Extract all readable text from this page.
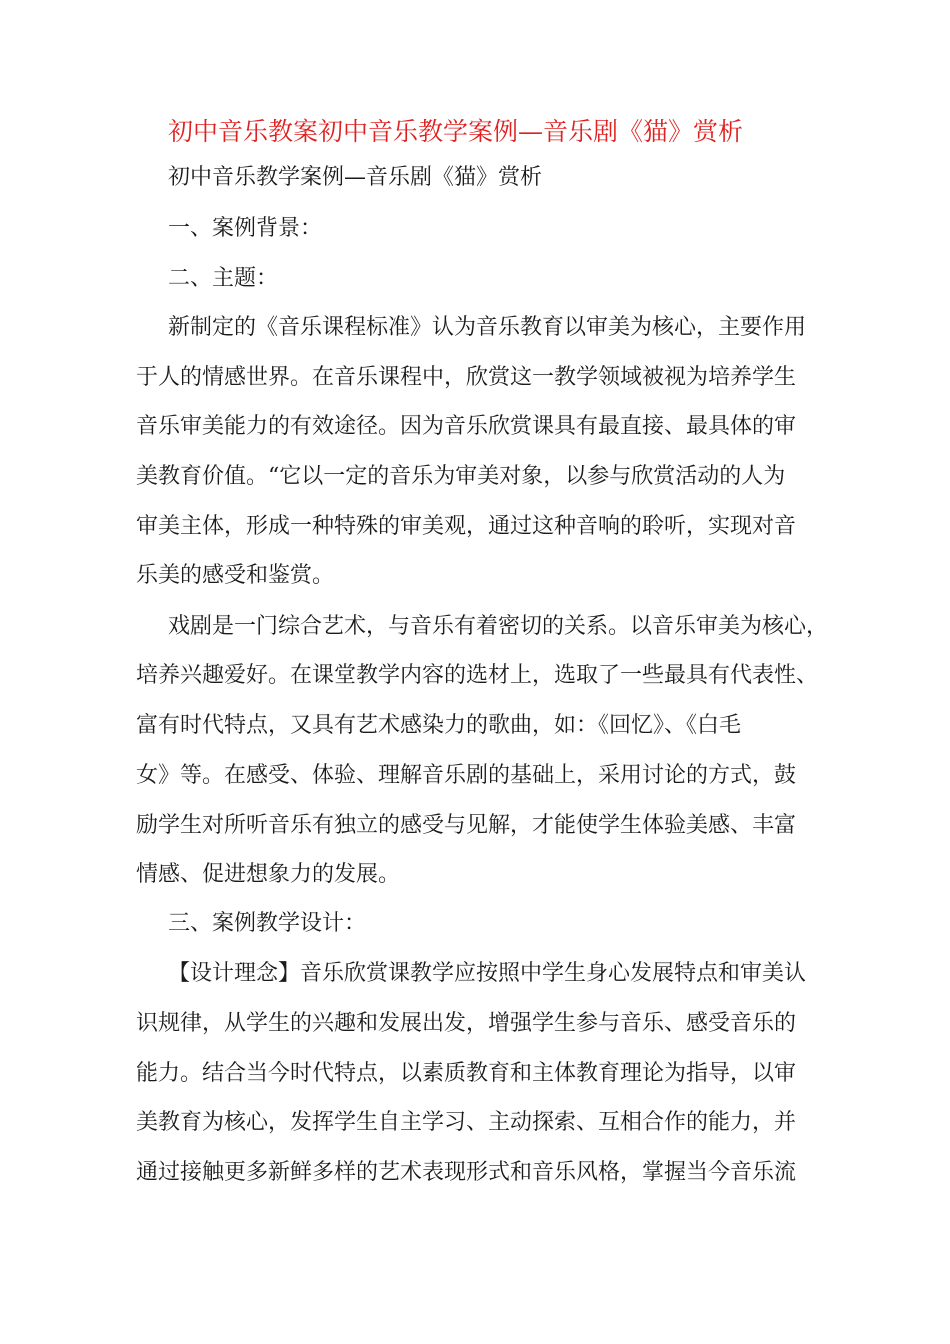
初中音乐教案初中音乐教学案例—音乐剧《猫》赏析
初中音乐教学案例—音乐剧《猫》赏析
一、案例背景：
二、主题：
新制定的《音乐课程标准》认为音乐教育以审美为核心，主要作用
于人的情感世界。在音乐课程中，欣赏这一教学领域被视为培养学生
音乐审美能力的有效途径。因为音乐欣赏课具有最直接、最具体的审
美教育价值。“它以一定的音乐为审美对象，以参与欣赏活动的人为
审美主体，形成一种特殊的审美观，通过这种音响的聆听，实现对音
乐美的感受和鉴赏。
戏剧是一门综合艺术，与音乐有着密切的关系。以音乐审美为核心，
培养兴趣爱好。在课堂教学内容的选材上，选取了一些最具有代表性、
富有时代特点，又具有艺术感染力的歌曲，如：《回忆》、《白毛
女》等。在感受、体验、理解音乐剧的基础上，采用讨论的方式，鼓
励学生对所听音乐有独立的感受与见解，才能使学生体验美感、丰富
情感、促进想象力的发展。
三、案例教学设计：
【设计理念】音乐欣赏课教学应按照中学生身心发展特点和审美认
识规律，从学生的兴趣和发展出发，增强学生参与音乐、感受音乐的
能力。结合当今时代特点，以素质教育和主体教育理论为指导，以审
美教育为核心，发挥学生自主学习、主动探索、互相合作的能力，并
通过接触更多新鲜多样的艺术表现形式和音乐风格，掌握当今音乐流
